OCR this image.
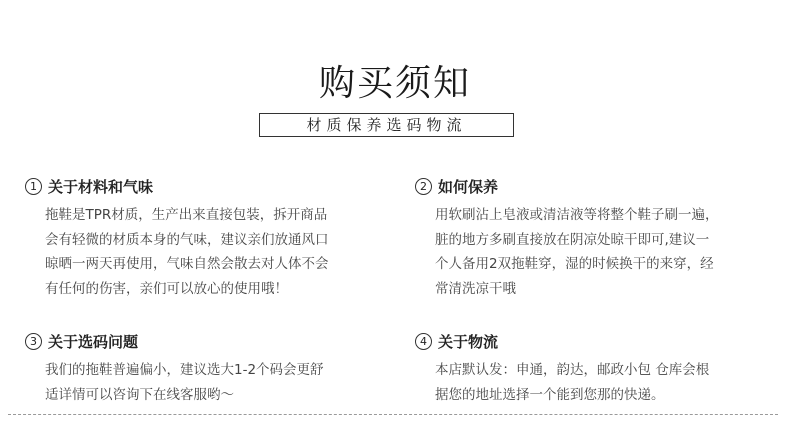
购买须知
材质保养选码物流
1 关于材料和气味
拖鞋是TPR材质，生产出来直接包装，拆开商品
会有轻微的材质本身的气味，建议亲们放通风口
晾晒一两天再使用，气味自然会散去对人体不会
有任何的伤害，亲们可以放心的使用哦！
2 如何保养
用软刷沾上皂液或清洁液等将整个鞋子刷一遍，
脏的地方多刷直接放在阴凉处晾干即可,建议一
个人备用2双拖鞋穿，湿的时候换干的来穿，经
常清洗凉干哦
3 关于选码问题
我们的拖鞋普遍偏小，建议选大1-2个码会更舒
适详情可以咨询下在线客服哟～
4 关于物流
本店默认发：申通，韵达，邮政小包 仓库会根
据您的地址选择一个能到您那的快递。
